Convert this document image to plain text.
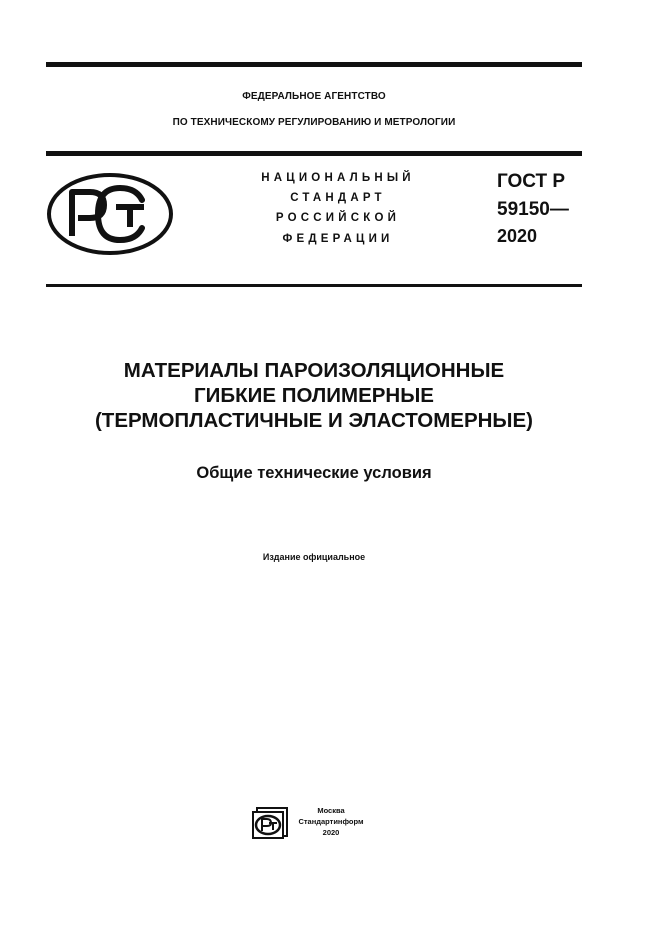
ФЕДЕРАЛЬНОЕ АГЕНТСТВО
ПО ТЕХНИЧЕСКОМУ РЕГУЛИРОВАНИЮ И МЕТРОЛОГИИ
НАЦИОНАЛЬНЫЙ
СТАНДАРТ
РОССИЙСКОЙ
ФЕДЕРАЦИИ
ГОСТ Р
59150—
2020
МАТЕРИАЛЫ ПАРОИЗОЛЯЦИОННЫЕ
ГИБКИЕ ПОЛИМЕРНЫЕ
(ТЕРМОПЛАСТИЧНЫЕ И ЭЛАСТОМЕРНЫЕ)
Общие технические условия
Издание официальное
Москва
Стандартинформ
2020
